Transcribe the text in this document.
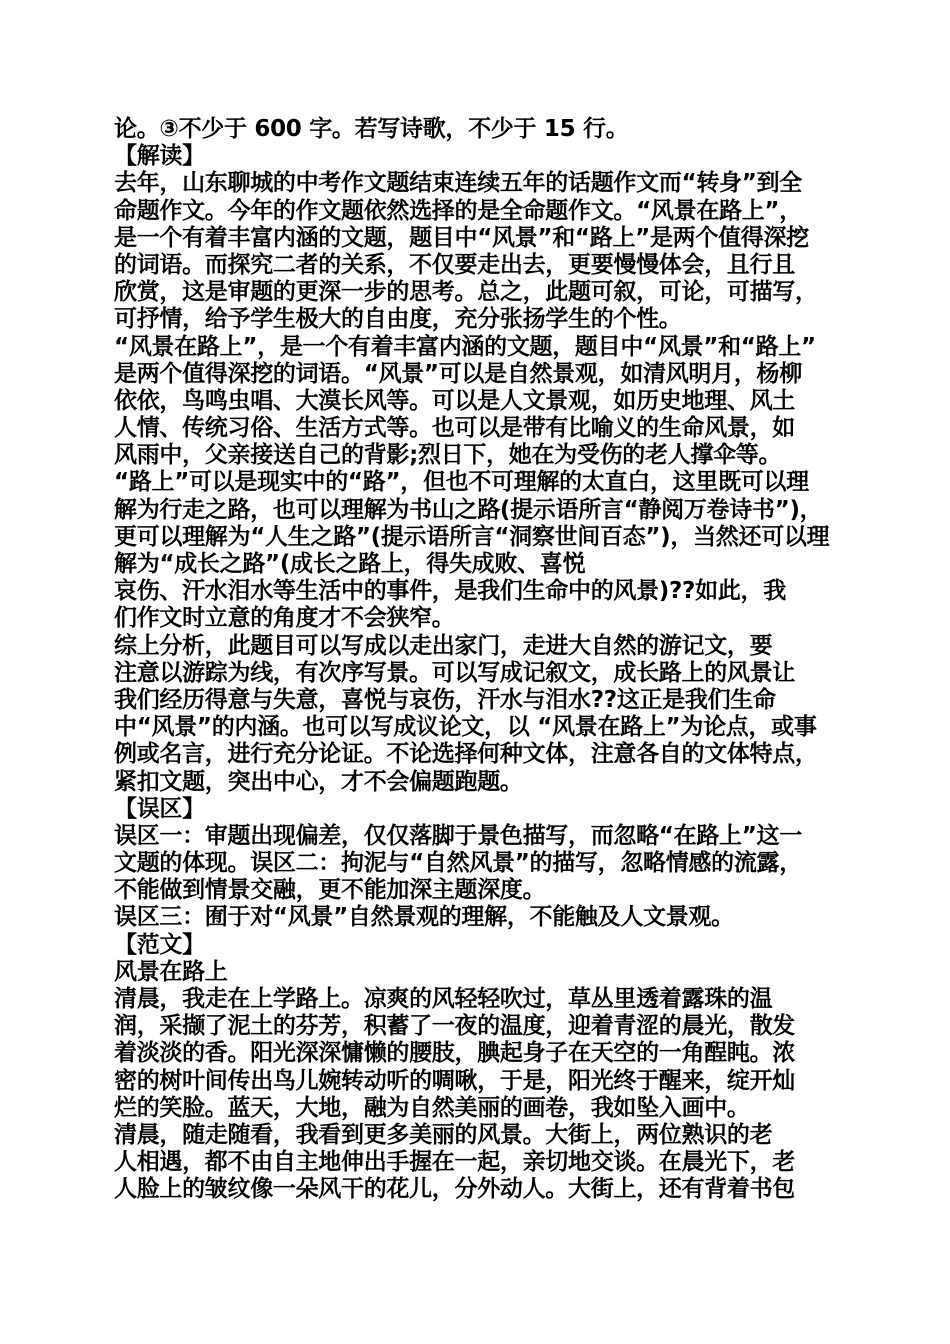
论。③不少于 600 字。若写诗歌，不少于 15 行。
【解读】
去年，山东聊城的中考作文题结束连续五年的话题作文而“转身”到全
命题作文。今年的作文题依然选择的是全命题作文。“风景在路上”，
是一个有着丰富内涵的文题，题目中“风景”和“路上”是两个值得深挖
的词语。而探究二者的关系，不仅要走出去，更要慢慢体会，且行且
欣赏，这是审题的更深一步的思考。总之，此题可叙，可论，可描写，
可抒情，给予学生极大的自由度，充分张扬学生的个性。
“风景在路上”，是一个有着丰富内涵的文题，题目中“风景”和“路上”
是两个值得深挖的词语。“风景”可以是自然景观，如清风明月，杨柳
依依，鸟鸣虫唱、大漠长风等。可以是人文景观，如历史地理、风土
人情、传统习俗、生活方式等。也可以是带有比喻义的生命风景，如
风雨中，父亲接送自己的背影;烈日下，她在为受伤的老人撑伞等。
“路上”可以是现实中的“路”，但也不可理解的太直白，这里既可以理
解为行走之路，也可以理解为书山之路(提示语所言“静阅万卷诗书”)，
更可以理解为“人生之路”(提示语所言“洞察世间百态”)，当然还可以理
解为“成长之路”(成长之路上，得失成败、喜悦
哀伤、汗水泪水等生活中的事件，是我们生命中的风景)??如此，我
们作文时立意的角度才不会狭窄。
综上分析，此题目可以写成以走出家门，走进大自然的游记文，要
注意以游踪为线，有次序写景。可以写成记叙文，成长路上的风景让
我们经历得意与失意，喜悦与哀伤，汗水与泪水??这正是我们生命
中“风景”的内涵。也可以写成议论文，以 “风景在路上”为论点，或事
例或名言，进行充分论证。不论选择何种文体，注意各自的文体特点，
紧扣文题，突出中心，才不会偏题跑题。
【误区】
误区一：审题出现偏差，仅仅落脚于景色描写，而忽略“在路上”这一
文题的体现。误区二：拘泥与“自然风景”的描写，忽略情感的流露，
不能做到情景交融，更不能加深主题深度。
误区三：囿于对“风景”自然景观的理解，不能触及人文景观。
【范文】
风景在路上
清晨，我走在上学路上。凉爽的风轻轻吹过，草丛里透着露珠的温
润，采撷了泥土的芬芳，积蓄了一夜的温度，迎着青涩的晨光，散发
着淡淡的香。阳光深深慵懒的腰肢，腆起身子在天空的一角酲盹。浓
密的树叶间传出鸟儿婉转动听的啁啾，于是，阳光终于醒来，绽开灿
烂的笑脸。蓝天，大地，融为自然美丽的画卷，我如坠入画中。
清晨，随走随看，我看到更多美丽的风景。大街上，两位熟识的老
人相遇，都不由自主地伸出手握在一起，亲切地交谈。在晨光下，老
人脸上的皱纹像一朵风干的花儿，分外动人。大街上，还有背着书包
